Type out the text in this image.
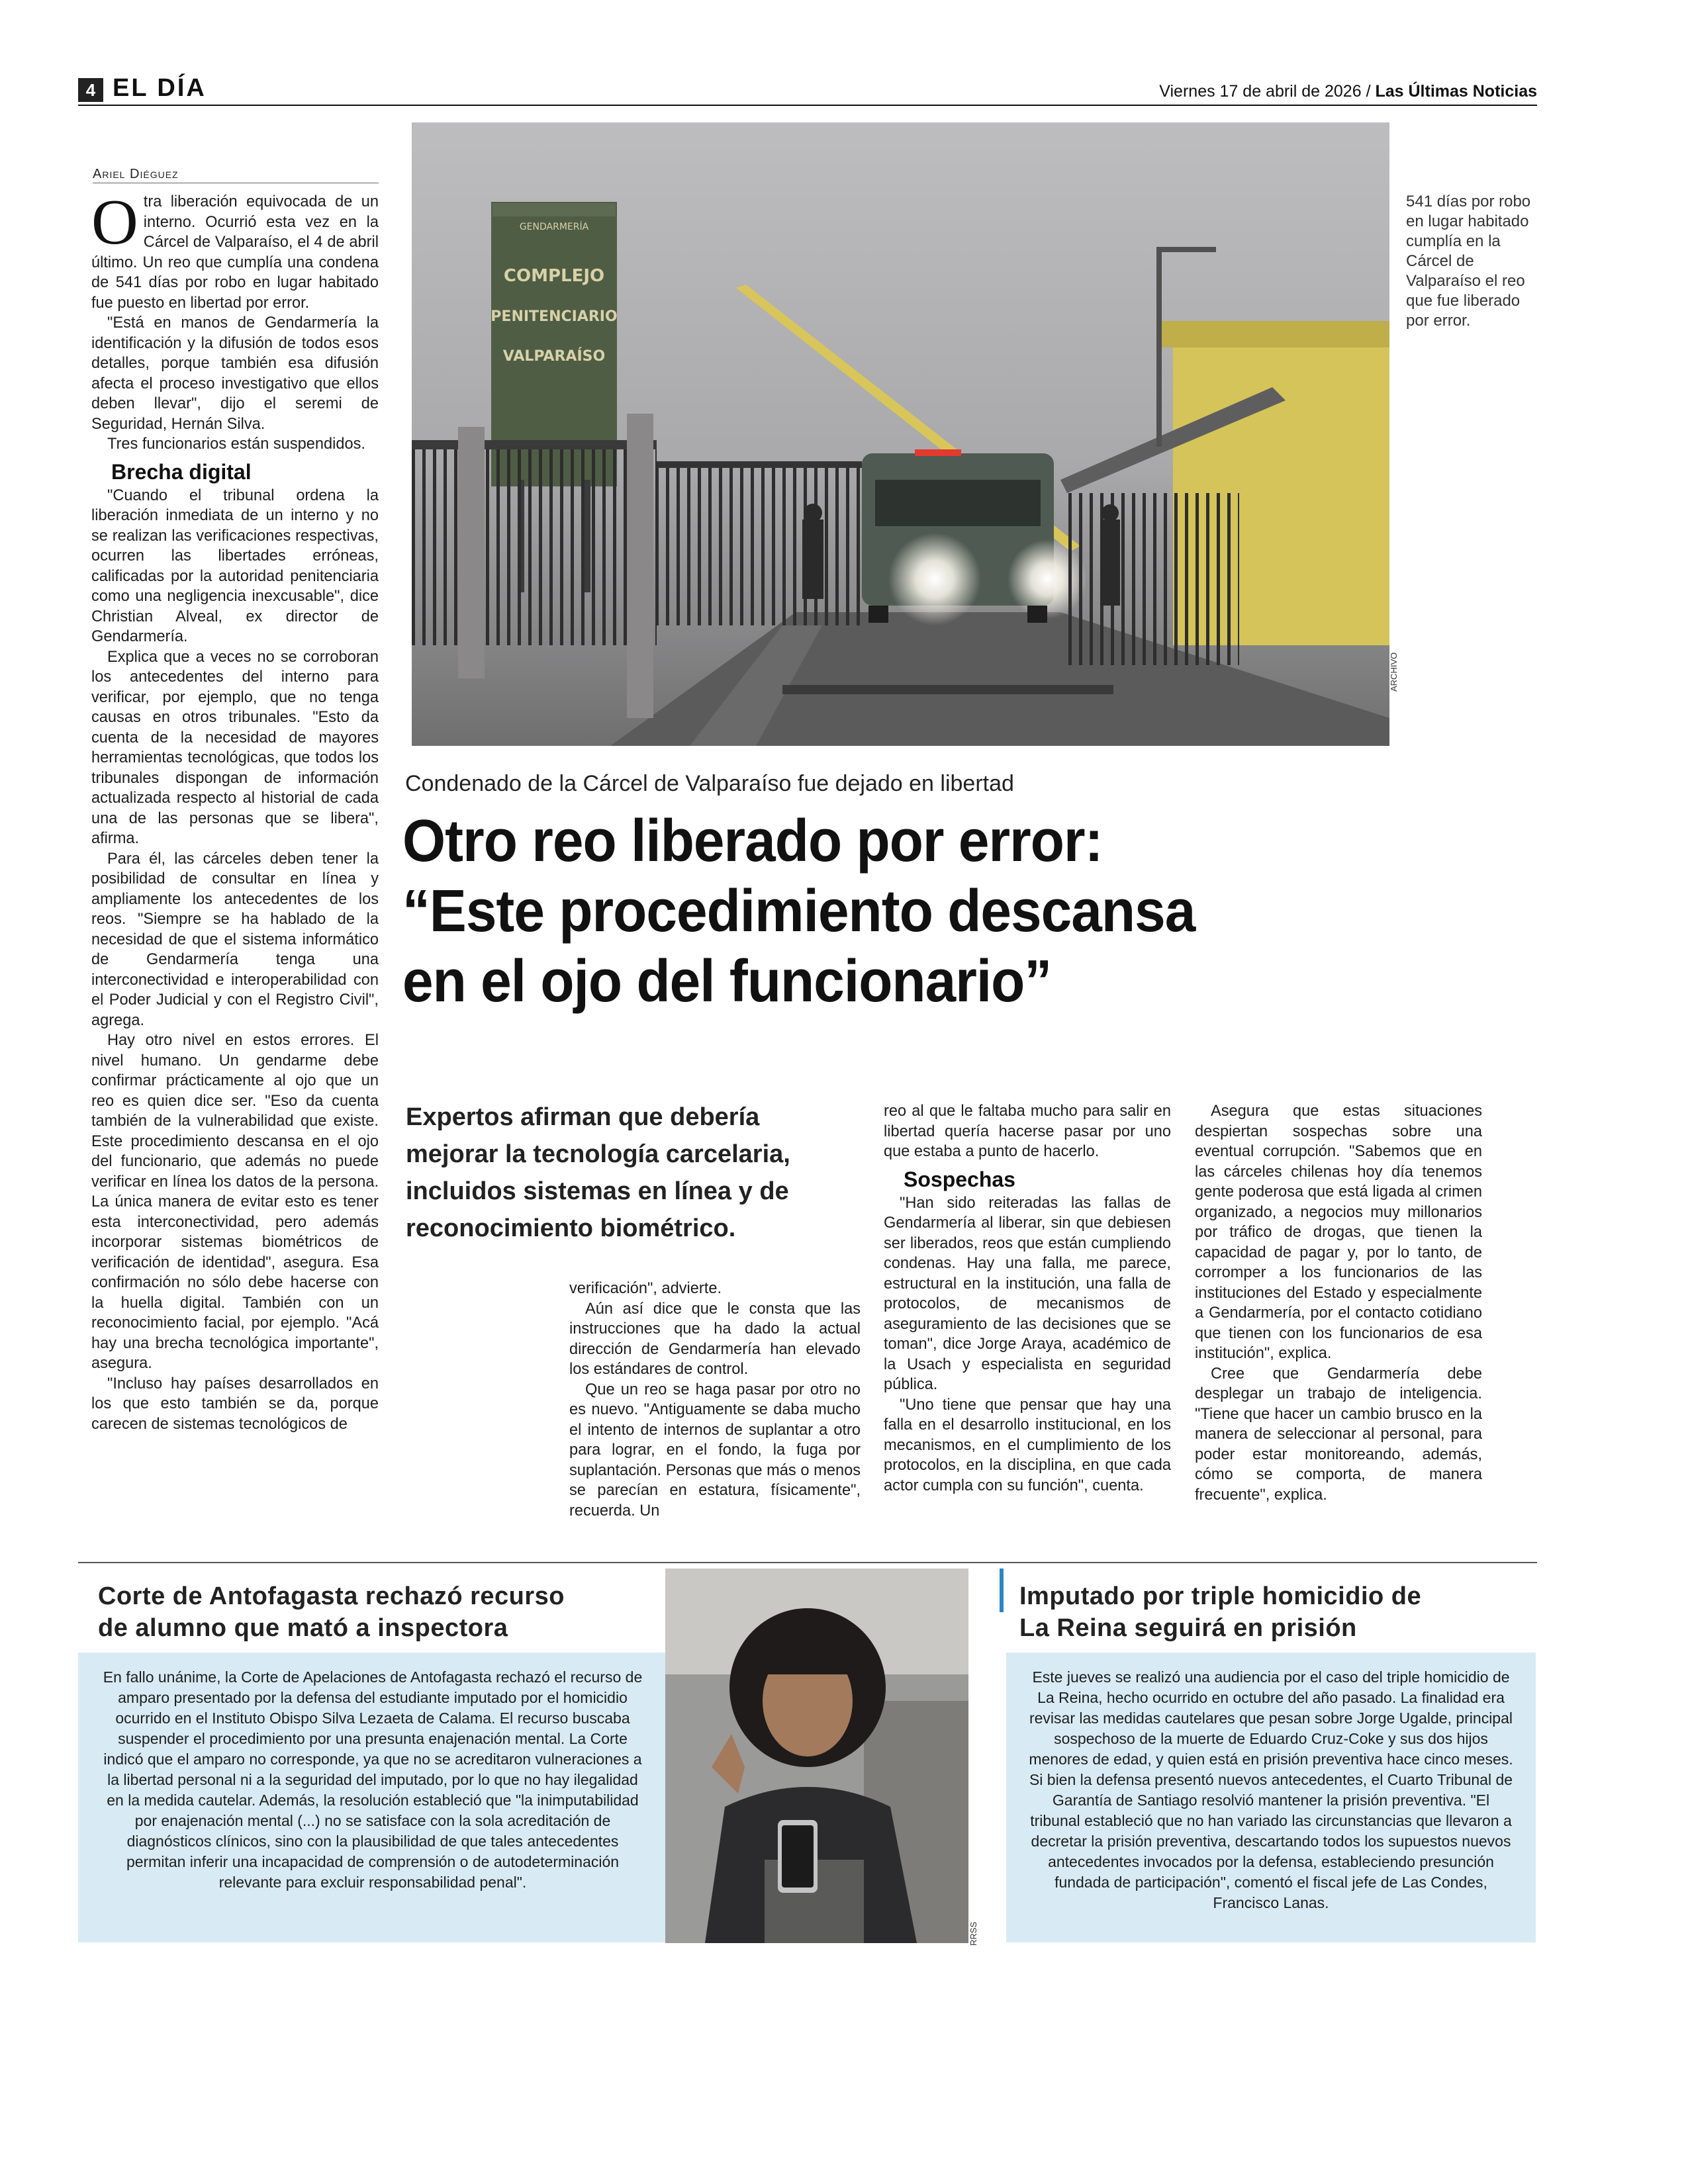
4 EL DÍA	Viernes 17 de abril de 2026 / Las Últimas Noticias
Ariel Diéguez

Otra liberación equivocada de un interno. Ocurrió esta vez en la Cárcel de Valparaíso, el 4 de abril último. Un reo que cumplía una condena de 541 días por robo en lugar habitado fue puesto en libertad por error.

"Está en manos de Gendarmería la identificación y la difusión de todos esos detalles, porque también esa difusión afecta el proceso investigativo que ellos deben llevar", dijo el seremi de Seguridad, Hernán Silva.

Tres funcionarios están suspendidos.

Brecha digital

"Cuando el tribunal ordena la liberación inmediata de un interno y no se realizan las verificaciones respectivas, ocurren las libertades erróneas, calificadas por la autoridad penitenciaria como una negligencia inexcusable", dice Christian Alveal, ex director de Gendarmería.

Explica que a veces no se corroboran los antecedentes del interno para verificar, por ejemplo, que no tenga causas en otros tribunales. "Esto da cuenta de la necesidad de mayores herramientas tecnológicas, que todos los tribunales dispongan de información actualizada respecto al historial de cada una de las personas que se libera", afirma.

Para él, las cárceles deben tener la posibilidad de consultar en línea y ampliamente los antecedentes de los reos. "Siempre se ha hablado de la necesidad de que el sistema informático de Gendarmería tenga una interconectividad e interoperabilidad con el Poder Judicial y con el Registro Civil", agrega.

Hay otro nivel en estos errores. El nivel humano. Un gendarme debe confirmar prácticamente al ojo que un reo es quien dice ser. "Eso da cuenta también de la vulnerabilidad que existe. Este procedimiento descansa en el ojo del funcionario, que además no puede verificar en línea los datos de la persona. La única manera de evitar esto es tener esta interconectividad, pero además incorporar sistemas biométricos de verificación de identidad", asegura. Esa confirmación no sólo debe hacerse con la huella digital. También con un reconocimiento facial, por ejemplo. "Acá hay una brecha tecnológica importante", asegura.

"Incluso hay países desarrollados en los que esto también se da, porque carecen de sistemas tecnológicos de

GENDARMERÍA
COMPLEJO
PENITENCIARIO
VALPARAÍSO
ARCHIVO
541 días por robo en lugar habitado cumplía en la Cárcel de Valparaíso el reo que fue liberado por error.
Condenado de la Cárcel de Valparaíso fue dejado en libertad
Otro reo liberado por error:
“Este procedimiento descansa
en el ojo del funcionario”
Expertos afirman que debería mejorar la tecnología carcelaria, incluidos sistemas en línea y de reconocimiento biométrico.

verificación", advierte.

Aún así dice que le consta que las instrucciones que ha dado la actual dirección de Gendarmería han elevado los estándares de control.

Que un reo se haga pasar por otro no es nuevo. "Antiguamente se daba mucho el intento de internos de suplantar a otro para lograr, en el fondo, la fuga por suplantación. Personas que más o menos se parecían en estatura, físicamente", recuerda. Un

reo al que le faltaba mucho para salir en libertad quería hacerse pasar por uno que estaba a punto de hacerlo.

Sospechas

"Han sido reiteradas las fallas de Gendarmería al liberar, sin que debiesen ser liberados, reos que están cumpliendo condenas. Hay una falla, me parece, estructural en la institución, una falla de protocolos, de mecanismos de aseguramiento de las decisiones que se toman", dice Jorge Araya, académico de la Usach y especialista en seguridad pública.

"Uno tiene que pensar que hay una falla en el desarrollo institucional, en los mecanismos, en el cumplimiento de los protocolos, en la disciplina, en que cada actor cumpla con su función", cuenta.

Asegura que estas situaciones despiertan sospechas sobre una eventual corrupción. "Sabemos que en las cárceles chilenas hoy día tenemos gente poderosa que está ligada al crimen organizado, a negocios muy millonarios por tráfico de drogas, que tienen la capacidad de pagar y, por lo tanto, de corromper a los funcionarios de las instituciones del Estado y especialmente a Gendarmería, por el contacto cotidiano que tienen con los funcionarios de esa institución", explica.

Cree que Gendarmería debe desplegar un trabajo de inteligencia. "Tiene que hacer un cambio brusco en la manera de seleccionar al personal, para poder estar monitoreando, además, cómo se comporta, de manera frecuente", explica.

Corte de Antofagasta rechazó recurso
de alumno que mató a inspectora
En fallo unánime, la Corte de Apelaciones de Antofagasta rechazó el recurso de amparo presentado por la defensa del estudiante imputado por el homicidio ocurrido en el Instituto Obispo Silva Lezaeta de Calama. El recurso buscaba suspender el procedimiento por una presunta enajenación mental. La Corte indicó que el amparo no corresponde, ya que no se acreditaron vulneraciones a la libertad personal ni a la seguridad del imputado, por lo que no hay ilegalidad en la medida cautelar. Además, la resolución estableció que "la inimputabilidad por enajenación mental (...) no se satisface con la sola acreditación de diagnósticos clínicos, sino con la plausibilidad de que tales antecedentes permitan inferir una incapacidad de comprensión o de autodeterminación relevante para excluir responsabilidad penal".
RRSS
Imputado por triple homicidio de
La Reina seguirá en prisión
Este jueves se realizó una audiencia por el caso del triple homicidio de La Reina, hecho ocurrido en octubre del año pasado. La finalidad era revisar las medidas cautelares que pesan sobre Jorge Ugalde, principal sospechoso de la muerte de Eduardo Cruz-Coke y sus dos hijos menores de edad, y quien está en prisión preventiva hace cinco meses. Si bien la defensa presentó nuevos antecedentes, el Cuarto Tribunal de Garantía de Santiago resolvió mantener la prisión preventiva. "El tribunal estableció que no han variado las circunstancias que llevaron a decretar la prisión preventiva, descartando todos los supuestos nuevos antecedentes invocados por la defensa, estableciendo presunción fundada de participación", comentó el fiscal jefe de Las Condes, Francisco Lanas.
